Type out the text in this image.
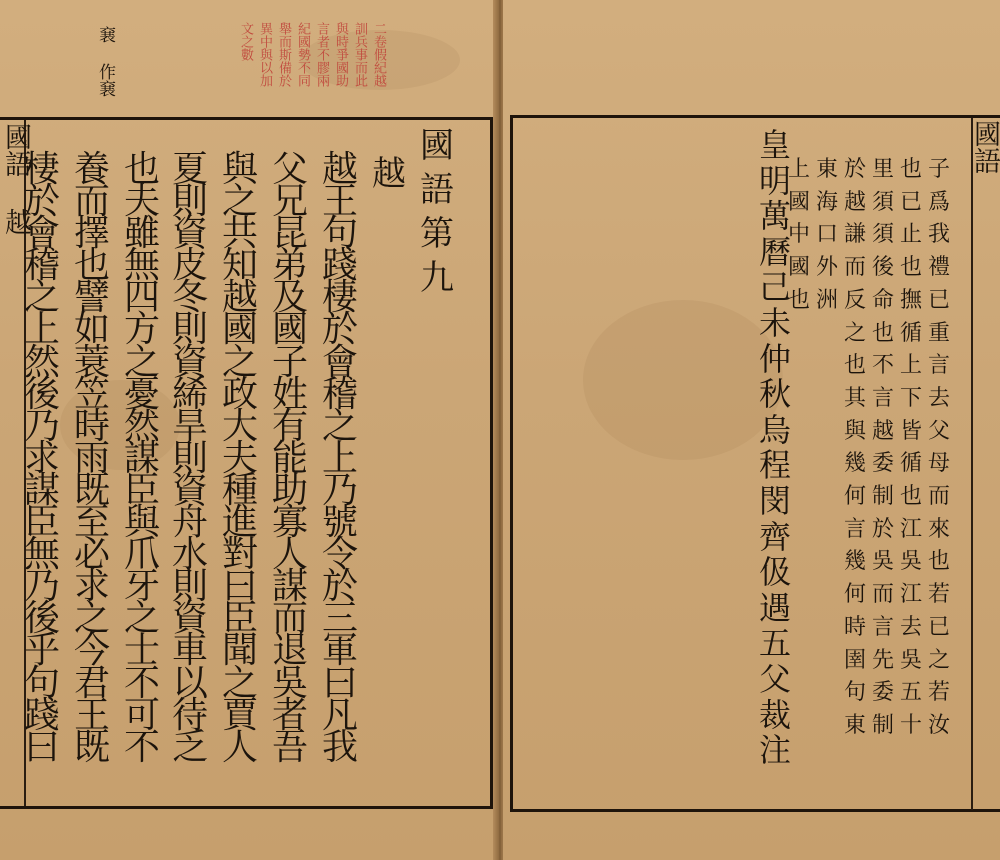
㐮 作㐮	二卷假紀越
訓兵事而此
與時爭國助
言者不膠兩
紀國勢不同
舉而斯備於
異中與以加
文之數
國語 越	國
語
第
九
越
越
王
句
踐
棲
於
會
稽
之
上
乃
號
令
於
三
軍
曰
凡
我
父
兄
昆
弟
及
國
子
姓
有
能
助
寡
人
謀
而
退
吳
者
吾
與
之
共
知
越
國
之
政
大
夫
種
進
對
曰
臣
聞
之
賈
人
夏
則
資
皮
冬
則
資
絺
旱
則
資
舟
水
則
資
車
以
待
乏
也
夫
雖
無
四
方
之
憂
然
謀
臣
與
爪
牙
之
士
不
可
不
養
而
擇
也
譬
如
蓑
笠
時
雨
既
至
必
求
之
今
君
王
既
棲
於
會
稽
之
上
然
後
乃
求
謀
臣
無
乃
後
乎
句
踐
曰
國語
子
爲
我
禮
已
重
言
去
父
母
而
來
也
若
已
之
若
汝
也
已
止
也
撫
循
上
下
皆
循
也
江
吳
江
去
吳
五
十
里
須
須
後
命
也
不
言
越
委
制
於
吳
而
言
先
委
制
於
越
謙
而
反
之
也
其
與
幾
何
言
幾
何
時
圉
句
東
東
海
口
外
洲
上
國
中
國
也
皇
明
萬
曆
己
未
仲
秋
烏
程
閔
齊
伋
遇
五
父
裁
注
